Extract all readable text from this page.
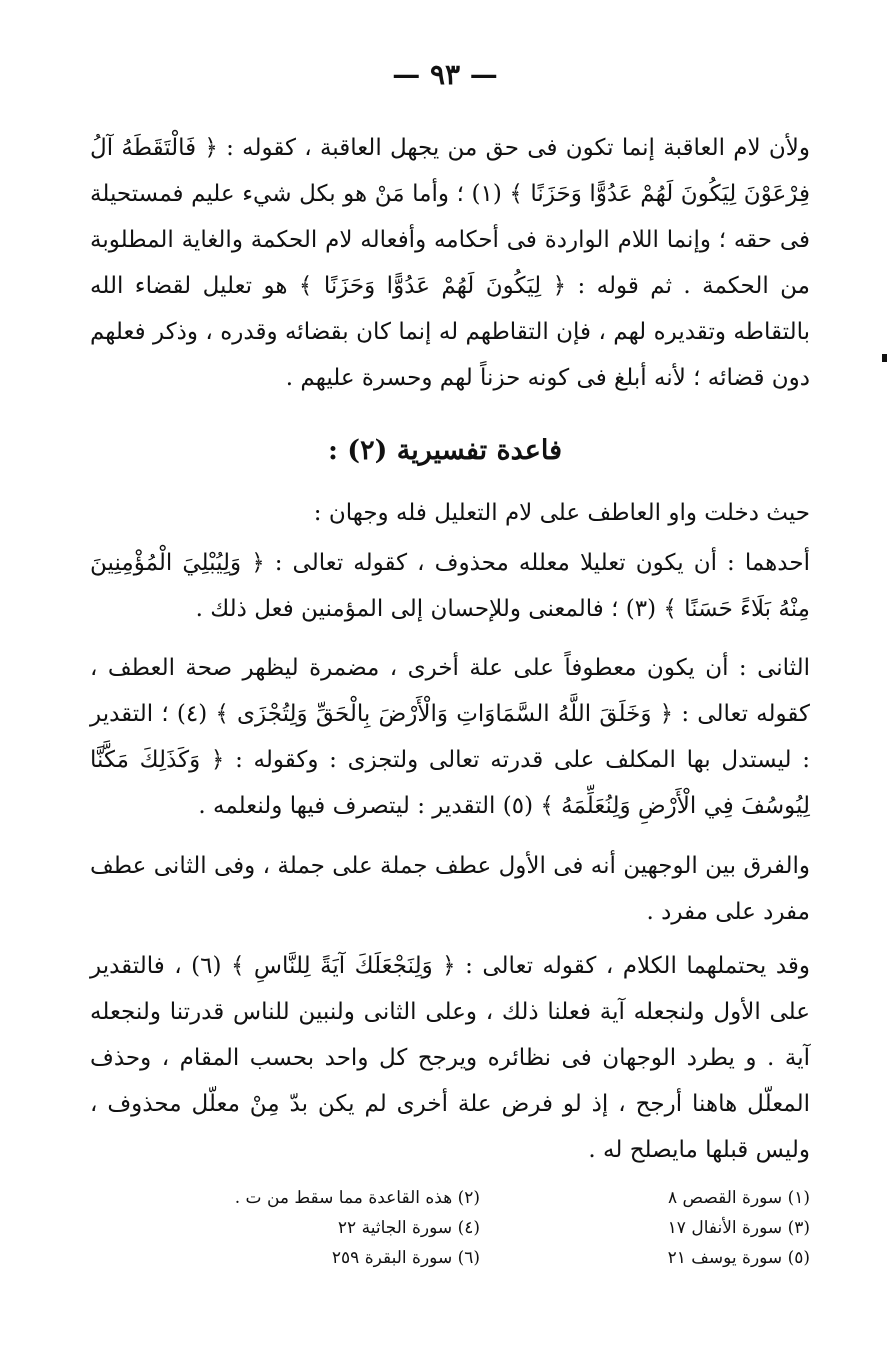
— ٩٣ —
ولأن لام العاقبة إنما تكون فى حق من يجهل العاقبة ، كقوله : ﴿ فَالْتَقَطَهُ آلُ فِرْعَوْنَ لِيَكُونَ لَهُمْ عَدُوًّا وَحَزَنًا ﴾ (١) ؛ وأما مَنْ هو بكل شيء عليم فمستحيلة فى حقه ؛ وإنما اللام الواردة فى أحكامه وأفعاله لام الحكمة والغاية المطلوبة من الحكمة . ثم قوله : ﴿ لِيَكُونَ لَهُمْ عَدُوًّا وَحَزَنًا ﴾ هو تعليل لقضاء الله بالتقاطه وتقديره لهم ، فإن التقاطهم له إنما كان بقضائه وقدره ، وذكر فعلهم دون قضائه ؛ لأنه أبلغ فى كونه حزناً لهم وحسرة عليهم .
فاعدة تفسيرية (٢) :
حيث دخلت واو العاطف على لام التعليل فله وجهان :
أحدهما : أن يكون تعليلا معلله محذوف ، كقوله تعالى : ﴿ وَلِيُبْلِيَ الْمُؤْمِنِينَ مِنْهُ بَلَاءً حَسَنًا ﴾ (٣) ؛ فالمعنى وللإحسان إلى المؤمنين فعل ذلك .
الثانى : أن يكون معطوفاً على علة أخرى ، مضمرة ليظهر صحة العطف ، كقوله تعالى : ﴿ وَخَلَقَ اللَّهُ السَّمَاوَاتِ وَالْأَرْضَ بِالْحَقِّ وَلِتُجْزَى ﴾ (٤) ؛ التقدير : ليستدل بها المكلف على قدرته تعالى ولتجزى : وكقوله : ﴿ وَكَذَلِكَ مَكَّنَّا لِيُوسُفَ فِي الْأَرْضِ وَلِنُعَلِّمَهُ ﴾ (٥) التقدير : ليتصرف فيها ولنعلمه .
والفرق بين الوجهين أنه فى الأول عطف جملة على جملة ، وفى الثانى عطف مفرد على مفرد .
وقد يحتملهما الكلام ، كقوله تعالى : ﴿ وَلِنَجْعَلَكَ آيَةً لِلنَّاسِ ﴾ (٦) ، فالتقدير على الأول ولنجعله آية فعلنا ذلك ، وعلى الثانى ولنبين للناس قدرتنا ولنجعله آية . و يطرد الوجهان فى نظائره ويرجح كل واحد بحسب المقام ، وحذف المعلّل هاهنا أرجح ، إذ لو فرض علة أخرى لم يكن بدّ مِنْ معلّل محذوف ، وليس قبلها مايصلح له .
(١) سورة القصص ٨
(٢) هذه القاعدة مما سقط من ت .
(٣) سورة الأنفال ١٧
(٤) سورة الجاثية ٢٢
(٥) سورة يوسف ٢١
(٦) سورة البقرة ٢٥٩
